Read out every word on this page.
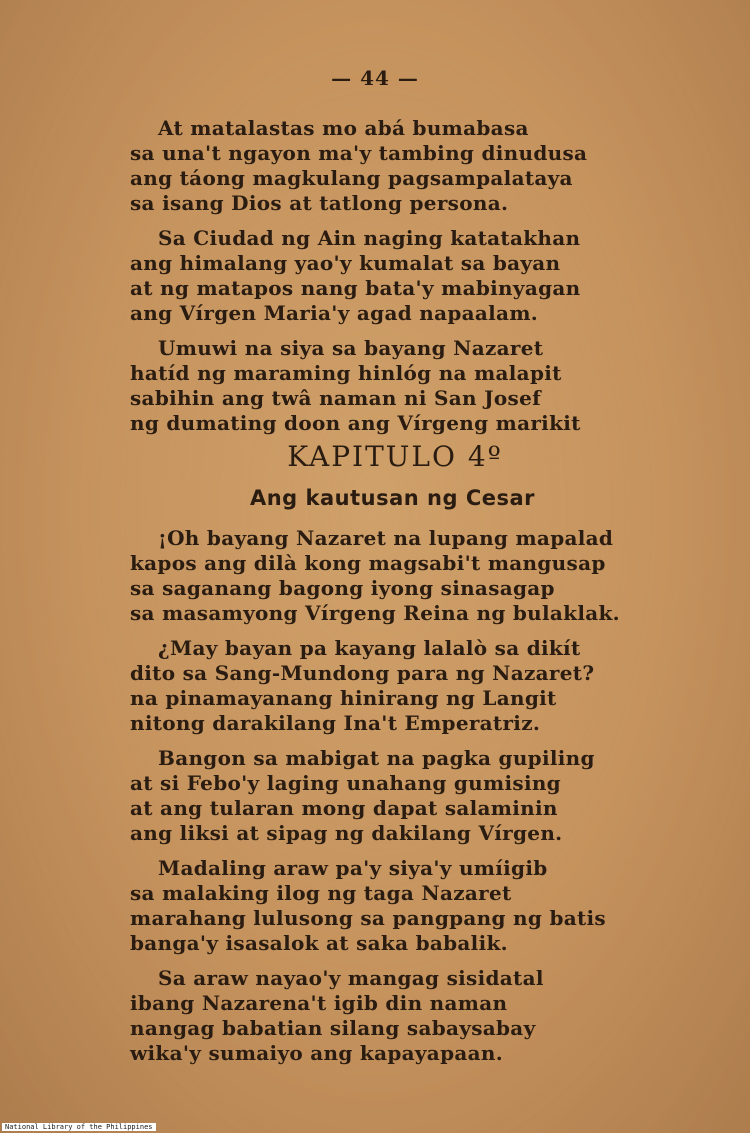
— 44 —
At matalastas mo abá bumabasa
sa una't ngayon ma'y tambing dinudusa
ang táong magkulang pagsampalataya
sa isang Dios at tatlong persona.
Sa Ciudad ng Ain naging katatakhan
ang himalang yao'y kumalat sa bayan
at ng matapos nang bata'y mabinyagan
ang Vírgen Maria'y agad napaalam.
Umuwi na siya sa bayang Nazaret
hatíd ng maraming hinlóg na malapit
sabihin ang twâ naman ni San Josef
ng dumating doon ang Vírgeng marikit
KAPITULO 4º
Ang kautusan ng Cesar
¡Oh bayang Nazaret na lupang mapalad
kapos ang dilà kong magsabi't mangusap
sa saganang bagong iyong sinasagap
sa masamyong Vírgeng Reina ng bulaklak.
¿May bayan pa kayang lalalò sa dikít
dito sa Sang-Mundong para ng Nazaret?
na pinamayanang hinirang ng Langit
nitong darakilang Ina't Emperatriz.
Bangon sa mabigat na pagka gupiling
at si Febo'y laging unahang gumising
at ang tularan mong dapat salaminin
ang liksi at sipag ng dakilang Vírgen.
Madaling araw pa'y siya'y umíigib
sa malaking ilog ng taga Nazaret
marahang lulusong sa pangpang ng batis
banga'y isasalok at saka babalik.
Sa araw nayao'y mangag sisidatal
ibang Nazarena't igib din naman
nangag babatian silang sabaysabay
wika'y sumaiyo ang kapayapaan.
National Library of the Philippines
